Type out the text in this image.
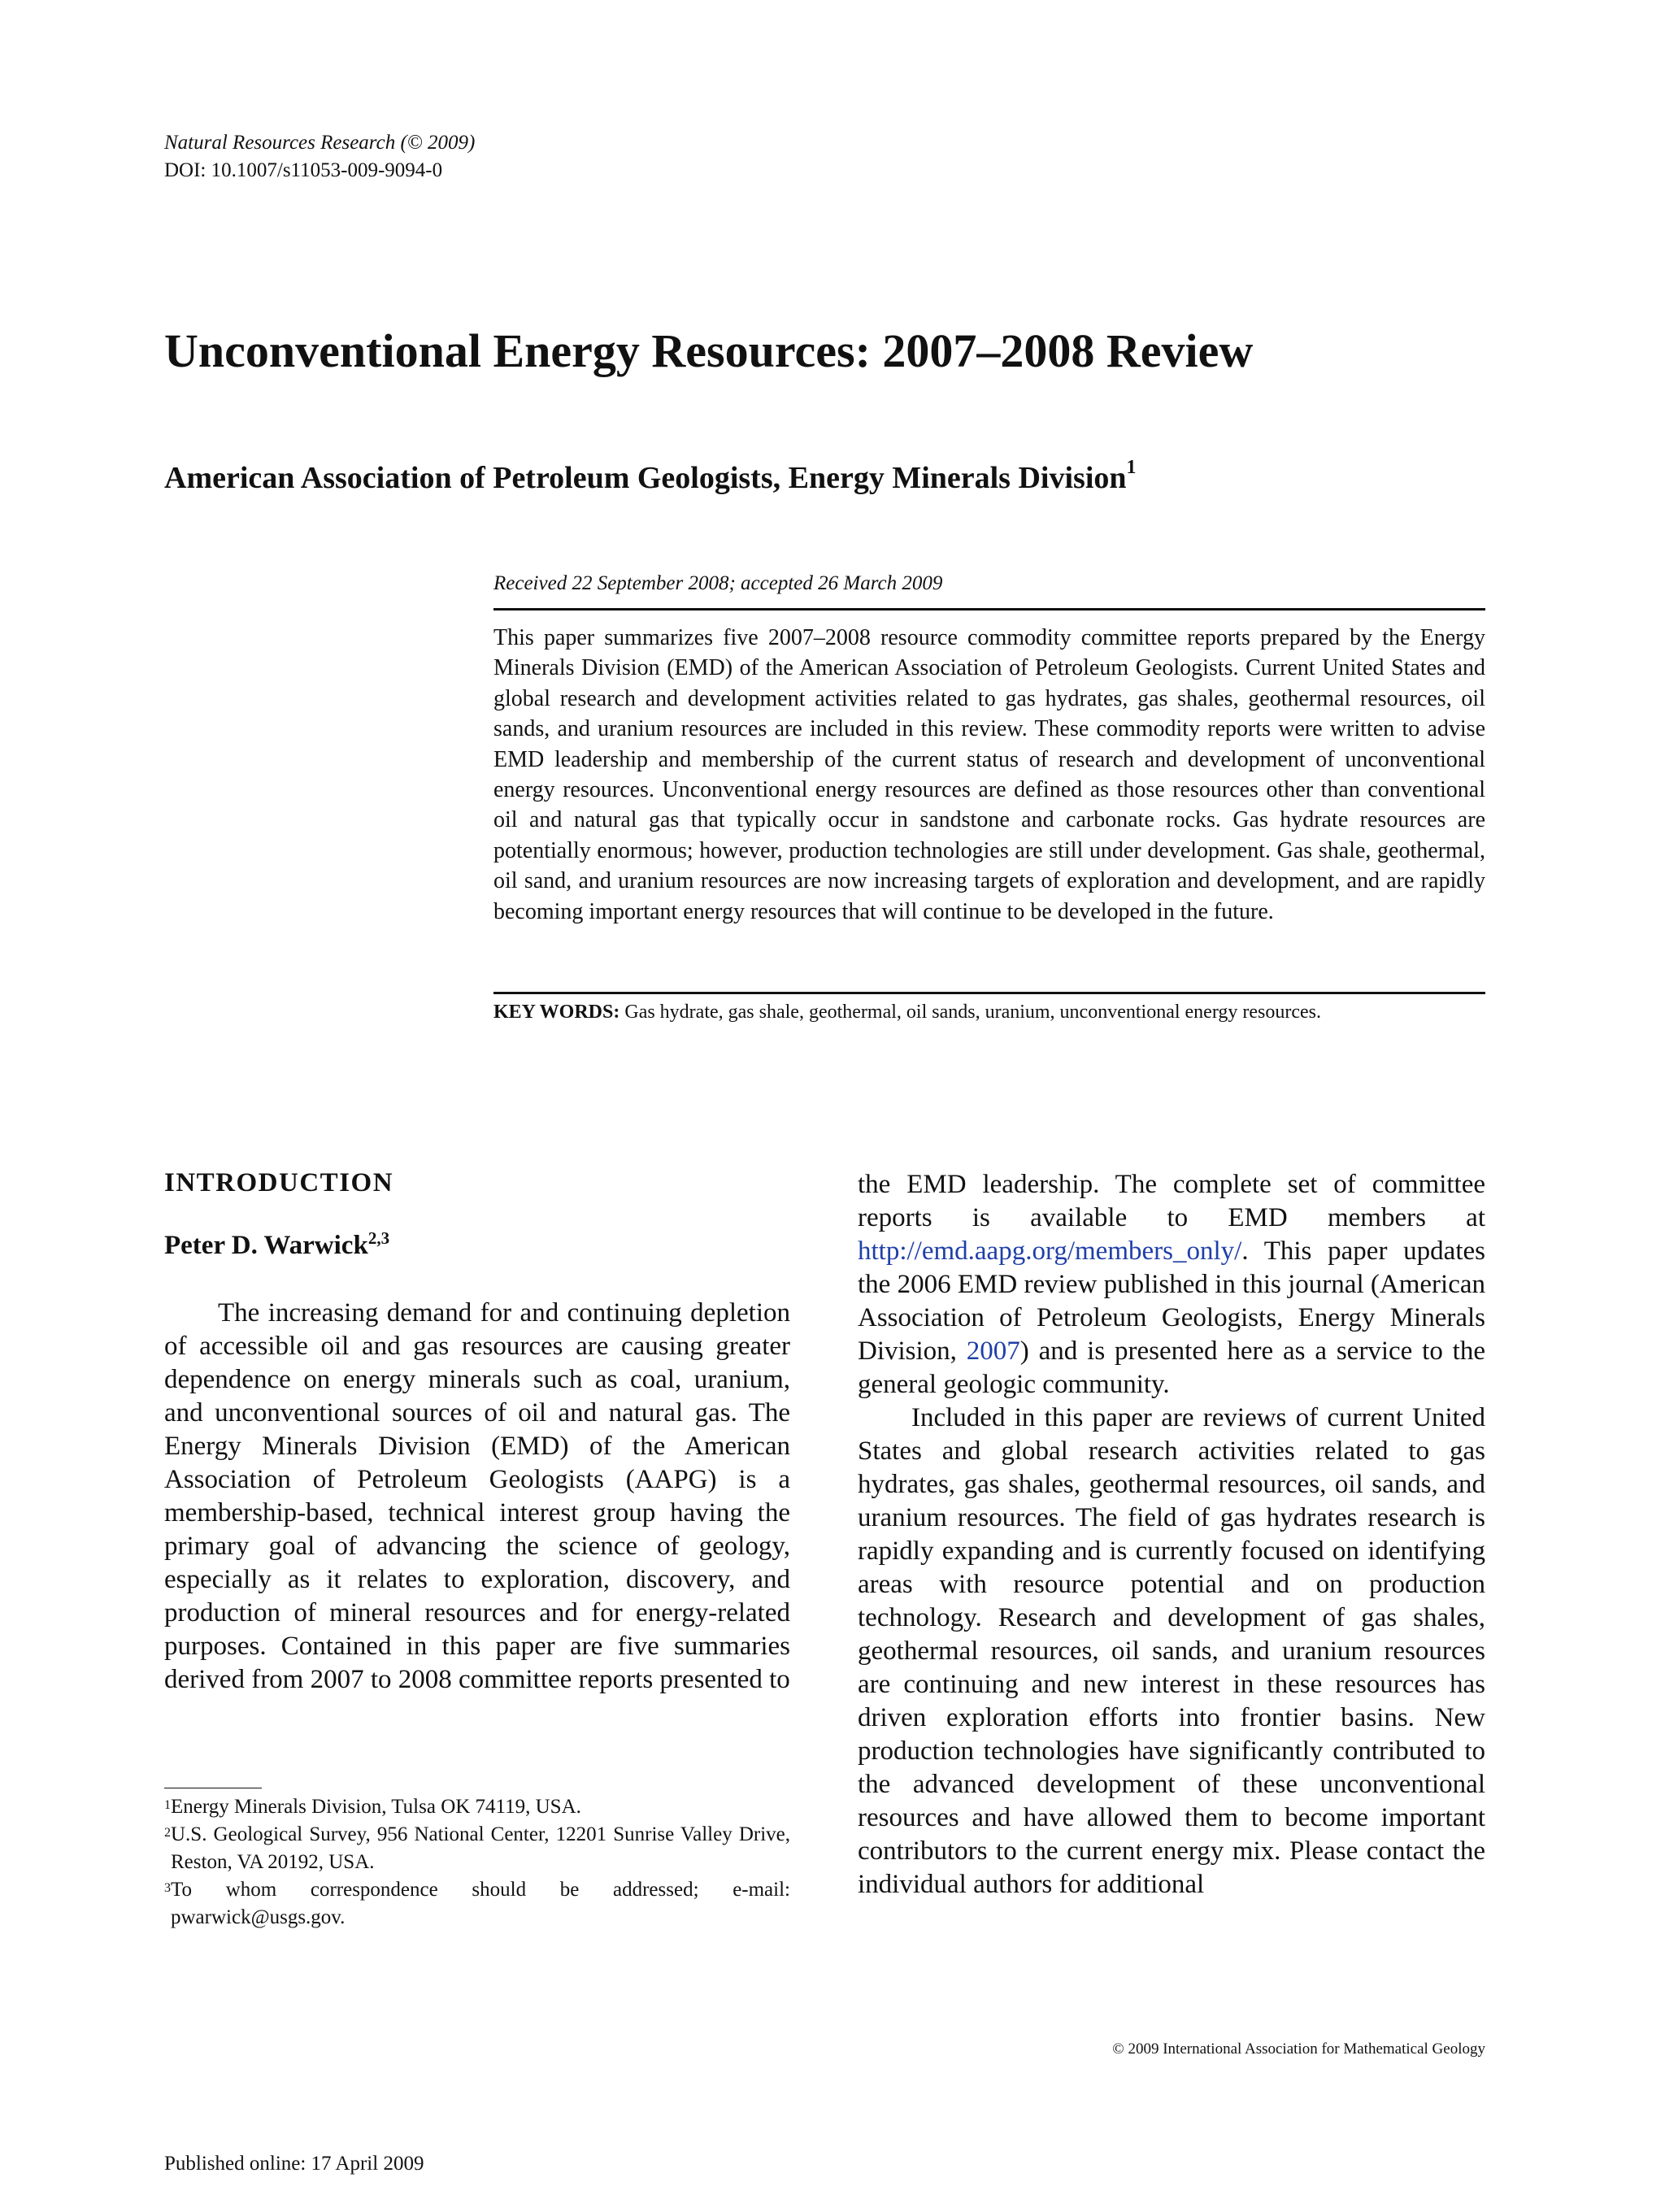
Natural Resources Research (© 2009)
DOI: 10.1007/s11053-009-9094-0
Unconventional Energy Resources: 2007–2008 Review
American Association of Petroleum Geologists, Energy Minerals Division$^1$
Received 22 September 2008; accepted 26 March 2009
This paper summarizes five 2007–2008 resource commodity committee reports prepared by the Energy Minerals Division (EMD) of the American Association of Petroleum Geologists. Current United States and global research and development activities related to gas hydrates, gas shales, geothermal resources, oil sands, and uranium resources are included in this review. These commodity reports were written to advise EMD leadership and membership of the current status of research and development of unconventional energy resources. Unconventional energy resources are defined as those resources other than conventional oil and natural gas that typically occur in sandstone and carbonate rocks. Gas hydrate resources are potentially enormous; however, production technologies are still under development. Gas shale, geothermal, oil sand, and uranium resources are now increasing targets of exploration and development, and are rapidly becoming important energy resources that will continue to be developed in the future.
KEY WORDS: Gas hydrate, gas shale, geothermal, oil sands, uranium, unconventional energy resources.
INTRODUCTION
Peter D. Warwick$^{2,3}$

The increasing demand for and continuing depletion of accessible oil and gas resources are causing greater dependence on energy minerals such as coal, uranium, and unconventional sources of oil and natural gas. The Energy Minerals Division (EMD) of the American Association of Petroleum Geologists (AAPG) is a membership-based, technical interest group having the primary goal of advancing the science of geology, especially as it relates to exploration, discovery, and production of mineral resources and for energy-related purposes. Contained in this paper are five summaries derived from 2007 to 2008 committee reports presented to

the EMD leadership. The complete set of committee reports is available to EMD members at http://emd.aapg.org/members_only/. This paper updates the 2006 EMD review published in this journal (American Association of Petroleum Geologists, Energy Minerals Division, 2007) and is presented here as a service to the general geologic community.

Included in this paper are reviews of current United States and global research activities related to gas hydrates, gas shales, geothermal resources, oil sands, and uranium resources. The field of gas hydrates research is rapidly expanding and is currently focused on identifying areas with resource potential and on production technology. Research and development of gas shales, geothermal resources, oil sands, and uranium resources are continuing and new interest in these resources has driven exploration efforts into frontier basins. New production technologies have significantly contributed to the advanced development of these unconventional resources and have allowed them to become important contributors to the current energy mix. Please contact the individual authors for additional

$^1$Energy Minerals Division, Tulsa OK 74119, USA.

$^2$U.S. Geological Survey, 956 National Center, 12201 Sunrise Valley Drive, Reston, VA 20192, USA.

$^3$To whom correspondence should be addressed; e-mail: pwarwick@usgs.gov.

© 2009 International Association for Mathematical Geology
Published online: 17 April 2009
